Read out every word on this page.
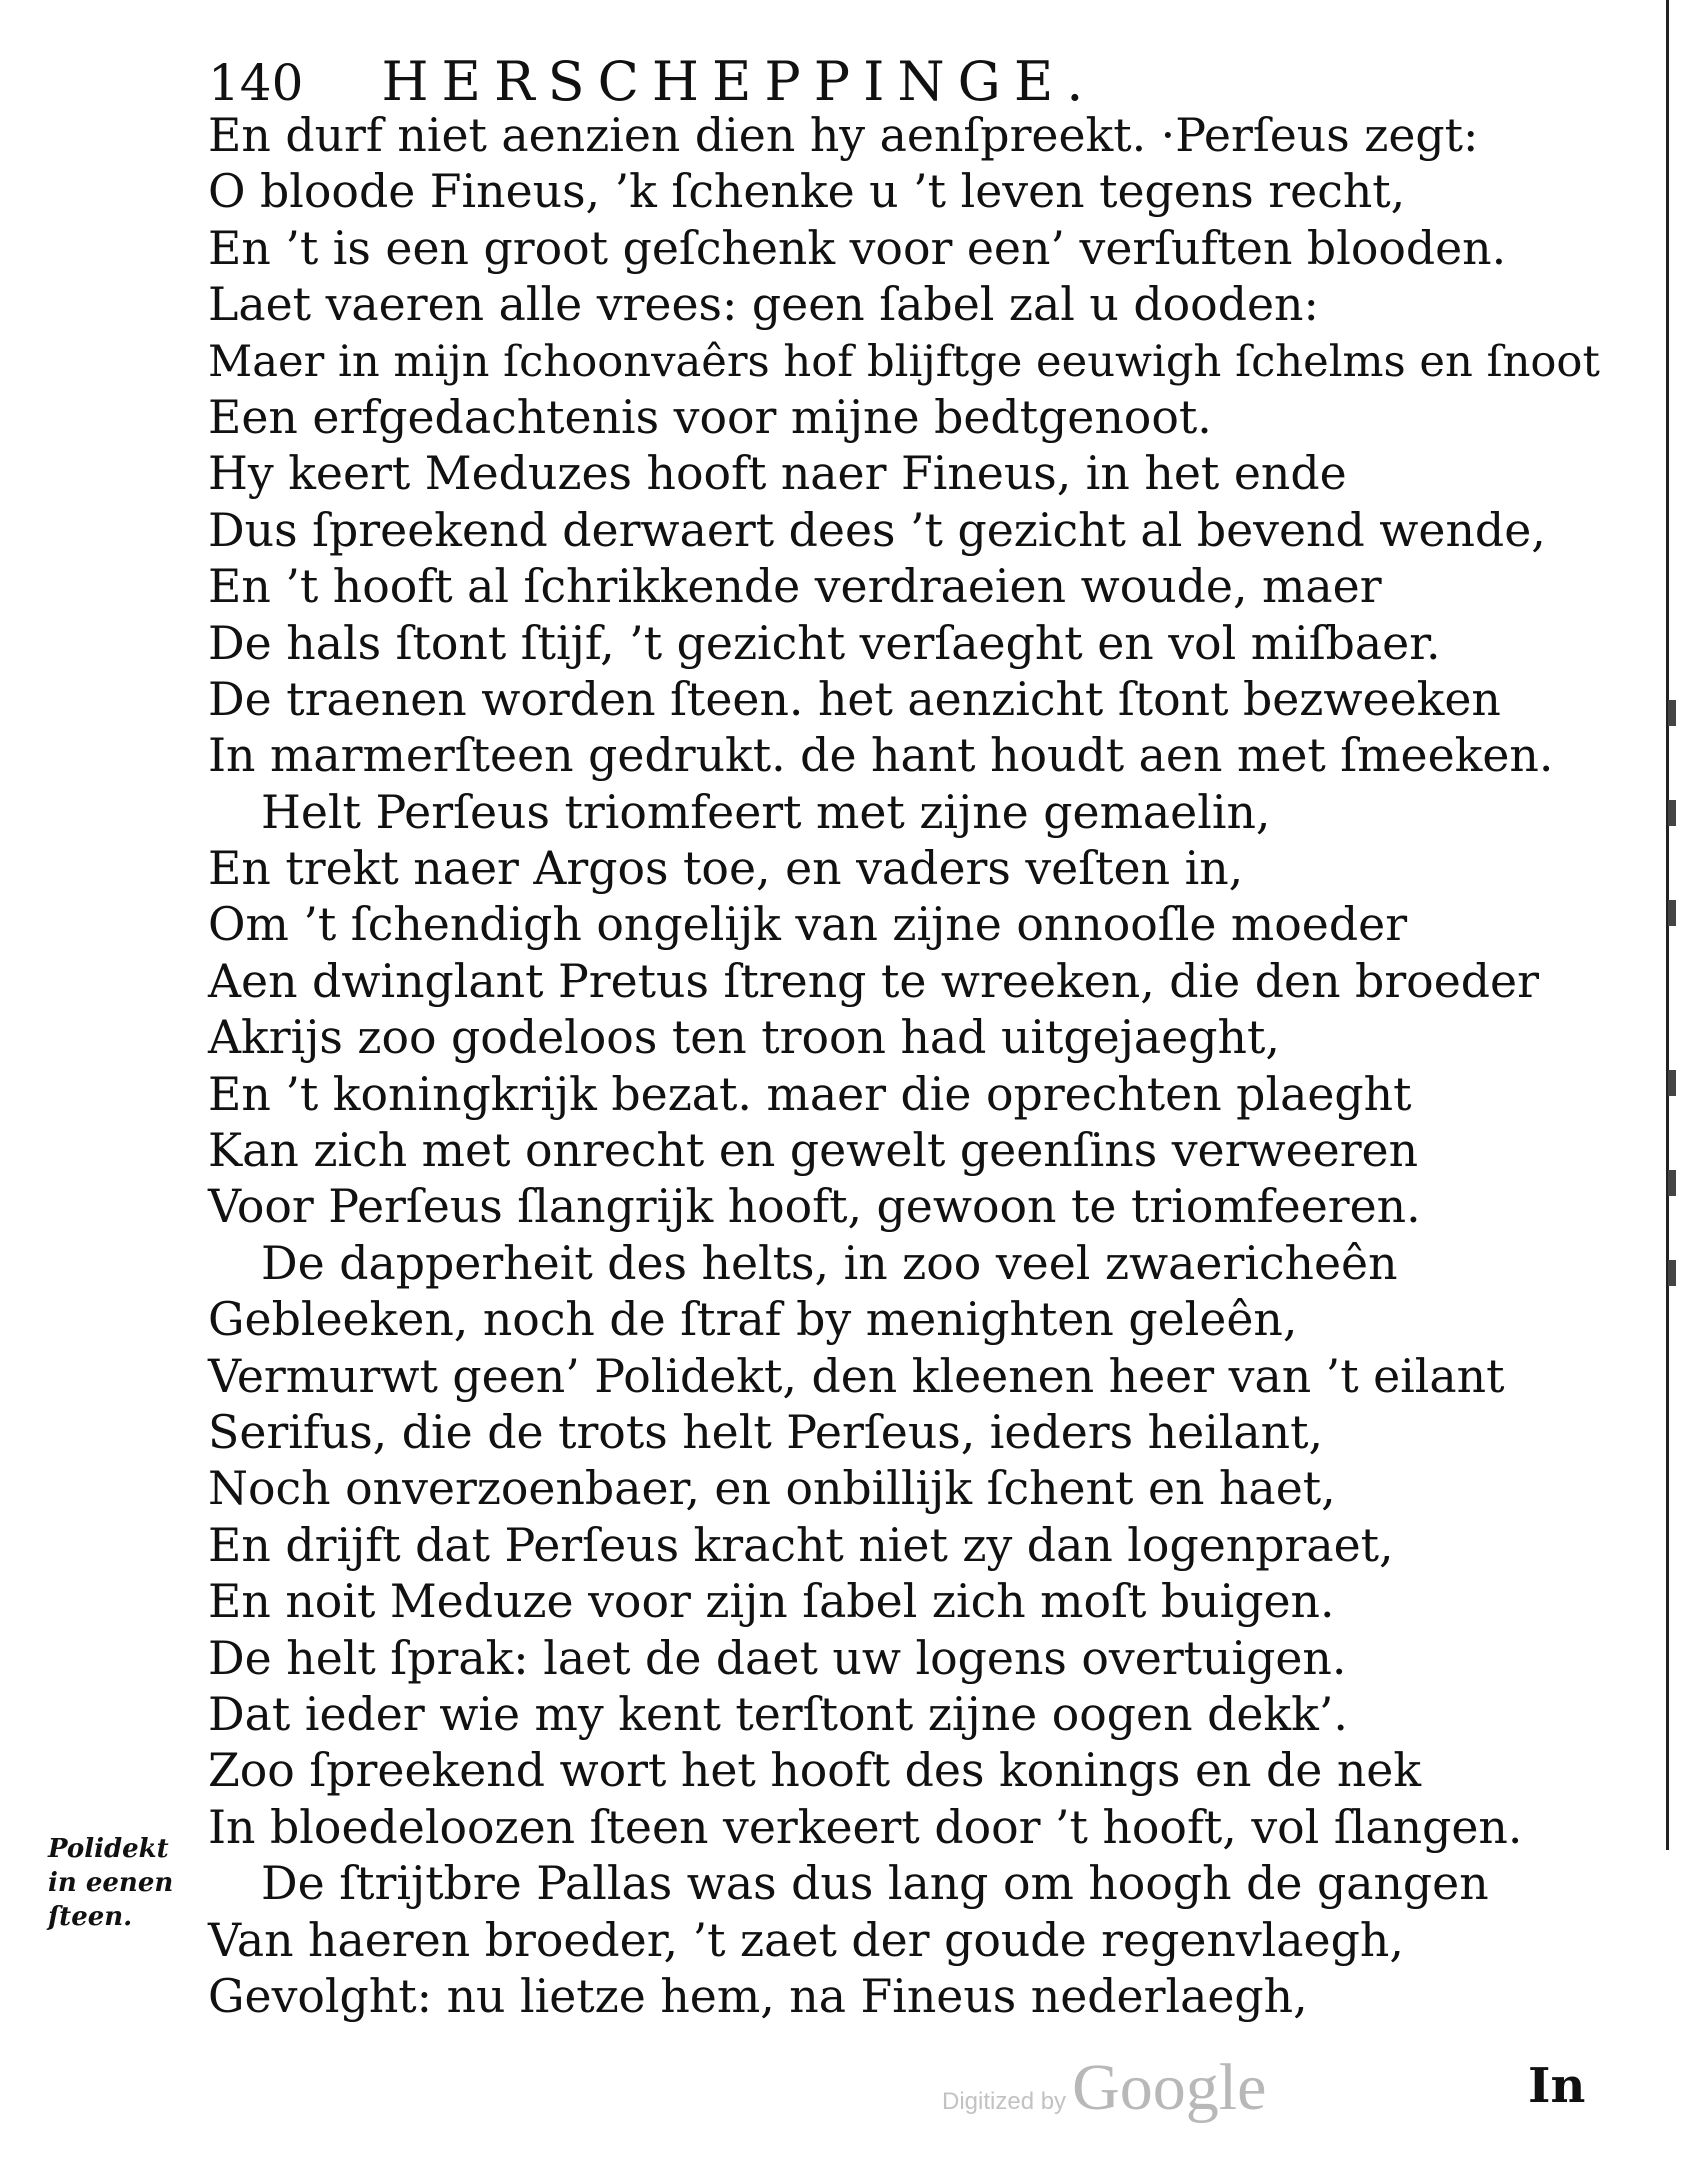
140 HERSCHEPPINGE.
En durf niet aenzien dien hy aenſpreekt. ·Perſeus zegt:
O bloode Fineus, ’k ſchenke u ’t leven tegens recht,
En ’t is een groot geſchenk voor een’ verſuften blooden.
Laet vaeren alle vrees: geen ſabel zal u dooden:
Maer in mijn ſchoonvaêrs hof blijftge eeuwigh ſchelms en ſnoot
Een erfgedachtenis voor mijne bedtgenoot.
Hy keert Meduzes hooft naer Fineus, in het ende
Dus ſpreekend derwaert dees ’t gezicht al bevend wende,
En ’t hooft al ſchrikkende verdraeien woude, maer
De hals ſtont ſtijf, ’t gezicht verſaeght en vol miſbaer.
De traenen worden ſteen. het aenzicht ſtont bezweeken
In marmerſteen gedrukt. de hant houdt aen met ſmeeken.
Helt Perſeus triomfeert met zijne gemaelin,
En trekt naer Argos toe, en vaders veſten in,
Om ’t ſchendigh ongelijk van zijne onnooſle moeder
Aen dwinglant Pretus ſtreng te wreeken, die den broeder
Akrijs zoo godeloos ten troon had uitgejaeght,
En ’t koningkrijk bezat. maer die oprechten plaeght
Kan zich met onrecht en gewelt geenſins verweeren
Voor Perſeus ſlangrijk hooft, gewoon te triomfeeren.
De dapperheit des helts, in zoo veel zwaericheên
Gebleeken, noch de ſtraf by menighten geleên,
Vermurwt geen’ Polidekt, den kleenen heer van ’t eilant
Serifus, die de trots helt Perſeus, ieders heilant,
Noch onverzoenbaer, en onbillijk ſchent en haet,
En drijft dat Perſeus kracht niet zy dan logenpraet,
En noit Meduze voor zijn ſabel zich moſt buigen.
De helt ſprak: laet de daet uw logens overtuigen.
Dat ieder wie my kent terſtont zijne oogen dekk’.
Zoo ſpreekend wort het hooft des konings en de nek
In bloedeloozen ſteen verkeert door ’t hooft, vol ſlangen.
De ſtrijtbre Pallas was dus lang om hoogh de gangen
Van haeren broeder, ’t zaet der goude regenvlaegh,
Gevolght: nu lietze hem, na Fineus nederlaegh,
Polidekt
in eenen
ſteen.
In
Digitized by Google
